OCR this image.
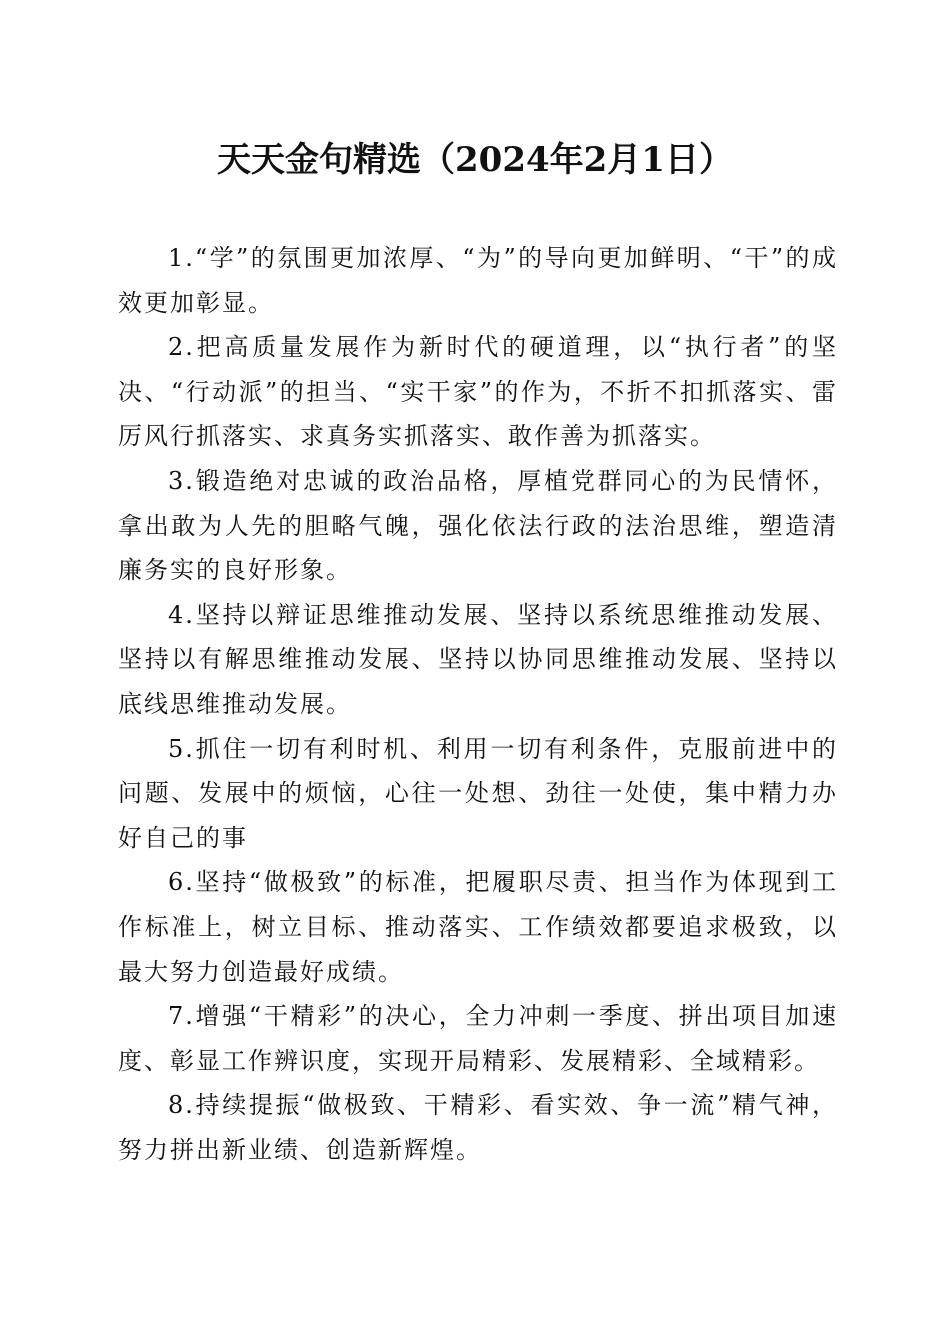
天天金句精选（2024年2月1日）

1.“学”的氛围更加浓厚、“为”的导向更加鲜明、“干”的成效更加彰显。

2.把高质量发展作为新时代的硬道理，以“执行者”的坚决、“行动派”的担当、“实干家”的作为，不折不扣抓落实、雷厉风行抓落实、求真务实抓落实、敢作善为抓落实。

3.锻造绝对忠诚的政治品格，厚植党群同心的为民情怀，拿出敢为人先的胆略气魄，强化依法行政的法治思维，塑造清廉务实的良好形象。

4.坚持以辩证思维推动发展、坚持以系统思维推动发展、坚持以有解思维推动发展、坚持以协同思维推动发展、坚持以底线思维推动发展。

5.抓住一切有利时机、利用一切有利条件，克服前进中的问题、发展中的烦恼，心往一处想、劲往一处使，集中精力办好自己的事

6.坚持“做极致”的标准，把履职尽责、担当作为体现到工作标准上，树立目标、推动落实、工作绩效都要追求极致，以最大努力创造最好成绩。

7.增强“干精彩”的决心，全力冲刺一季度、拼出项目加速度、彰显工作辨识度，实现开局精彩、发展精彩、全域精彩。

8.持续提振“做极致、干精彩、看实效、争一流”精气神，努力拼出新业绩、创造新辉煌。
